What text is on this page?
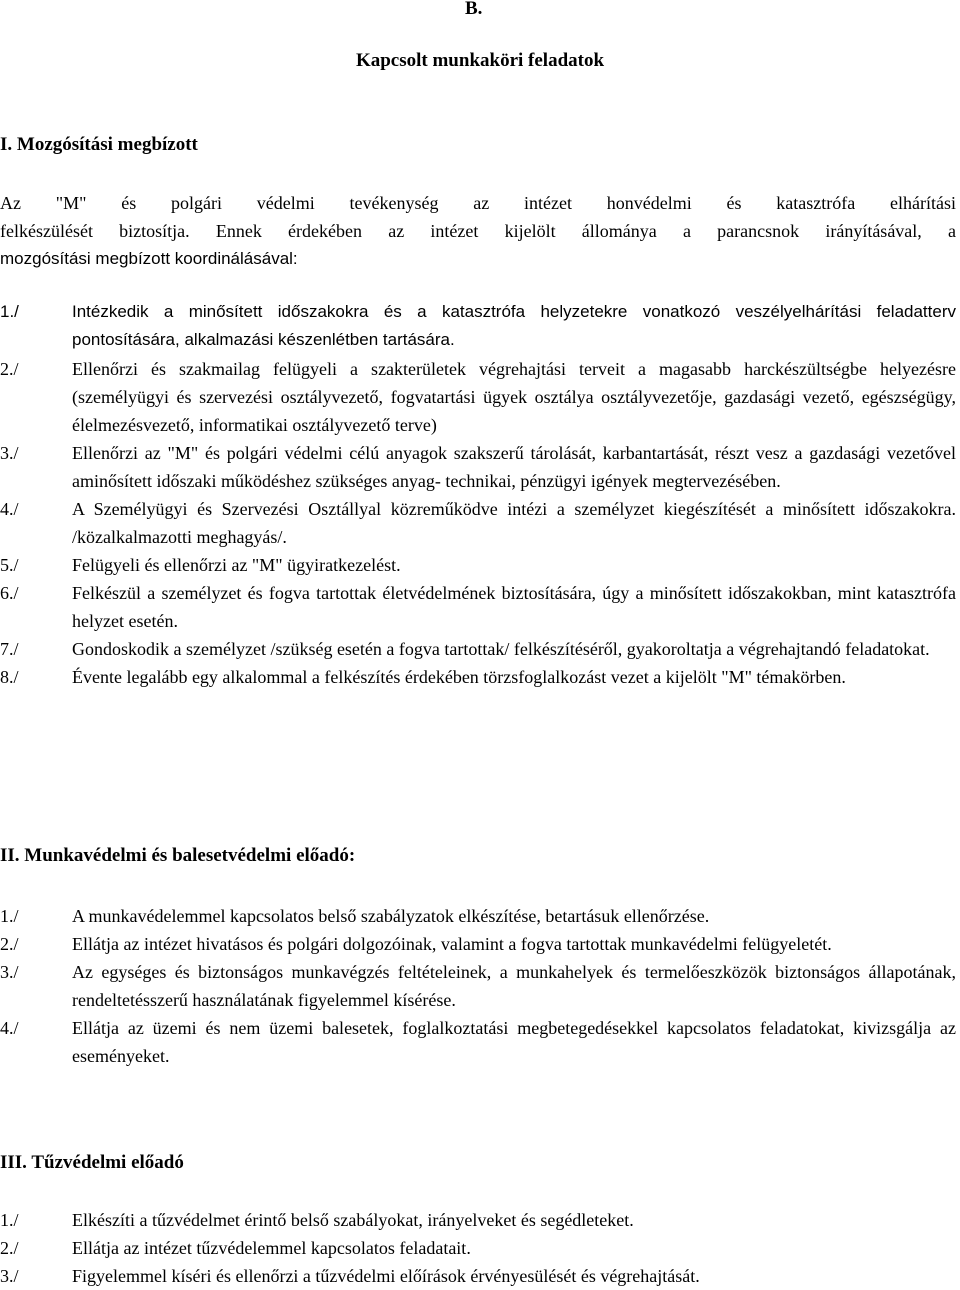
B.
Kapcsolt munkaköri feladatok
I. Mozgósítási megbízott
Az "M" és polgári védelmi tevékenység az intézet honvédelmi és katasztrófa elhárítási
felkészülését biztosítja. Ennek érdekében az intézet kijelölt állománya a parancsnok irányításával, a
mozgósítási megbízott koordinálásával:
1./	Intézkedik a minősített időszakokra és a katasztrófa helyzetekre vonatkozó veszélyelhárítási feladatterv pontosítására, alkalmazási készenlétben tartására.
2./	Ellenőrzi és szakmailag felügyeli a szakterületek végrehajtási terveit a magasabb harckészültségbe helyezésre (személyügyi és szervezési osztályvezető, fogvatartási ügyek osztálya osztályvezetője, gazdasági vezető, egészségügy, élelmezésvezető, informatikai osztályvezető terve)
3./	Ellenőrzi az "M" és polgári védelmi célú anyagok szakszerű tárolását, karbantartását, részt vesz a gazdasági vezetővel aminősített időszaki működéshez szükséges anyag- technikai, pénzügyi igények megtervezésében.
4./	A Személyügyi és Szervezési Osztállyal közreműködve intézi a személyzet kiegészítését a minősített időszakokra. /közalkalmazotti meghagyás/.
5./	Felügyeli és ellenőrzi az "M" ügyiratkezelést.
6./	Felkészül a személyzet és fogva tartottak életvédelmének biztosítására, úgy a minősített időszakokban, mint katasztrófa helyzet esetén.
7./	Gondoskodik a személyzet /szükség esetén a fogva tartottak/ felkészítéséről, gyakoroltatja a végrehajtandó feladatokat.
8./	Évente legalább egy alkalommal a felkészítés érdekében törzsfoglalkozást vezet a kijelölt "M" témakörben.
II. Munkavédelmi és balesetvédelmi előadó:
1./	A munkavédelemmel kapcsolatos belső szabályzatok elkészítése, betartásuk ellenőrzése.
2./	Ellátja az intézet hivatásos és polgári dolgozóinak, valamint a fogva tartottak munkavédelmi felügyeletét.
3./	Az egységes és biztonságos munkavégzés feltételeinek, a munkahelyek és termelőeszközök biztonságos állapotának, rendeltetésszerű használatának figyelemmel kísérése.
4./	Ellátja az üzemi és nem üzemi balesetek, foglalkoztatási megbetegedésekkel kapcsolatos feladatokat, kivizsgálja az eseményeket.
III. Tűzvédelmi előadó
1./	Elkészíti a tűzvédelmet érintő belső szabályokat, irányelveket és segédleteket.
2./	Ellátja az intézet tűzvédelemmel kapcsolatos feladatait.
3./	Figyelemmel kíséri és ellenőrzi a tűzvédelmi előírások érvényesülését és végrehajtását.
